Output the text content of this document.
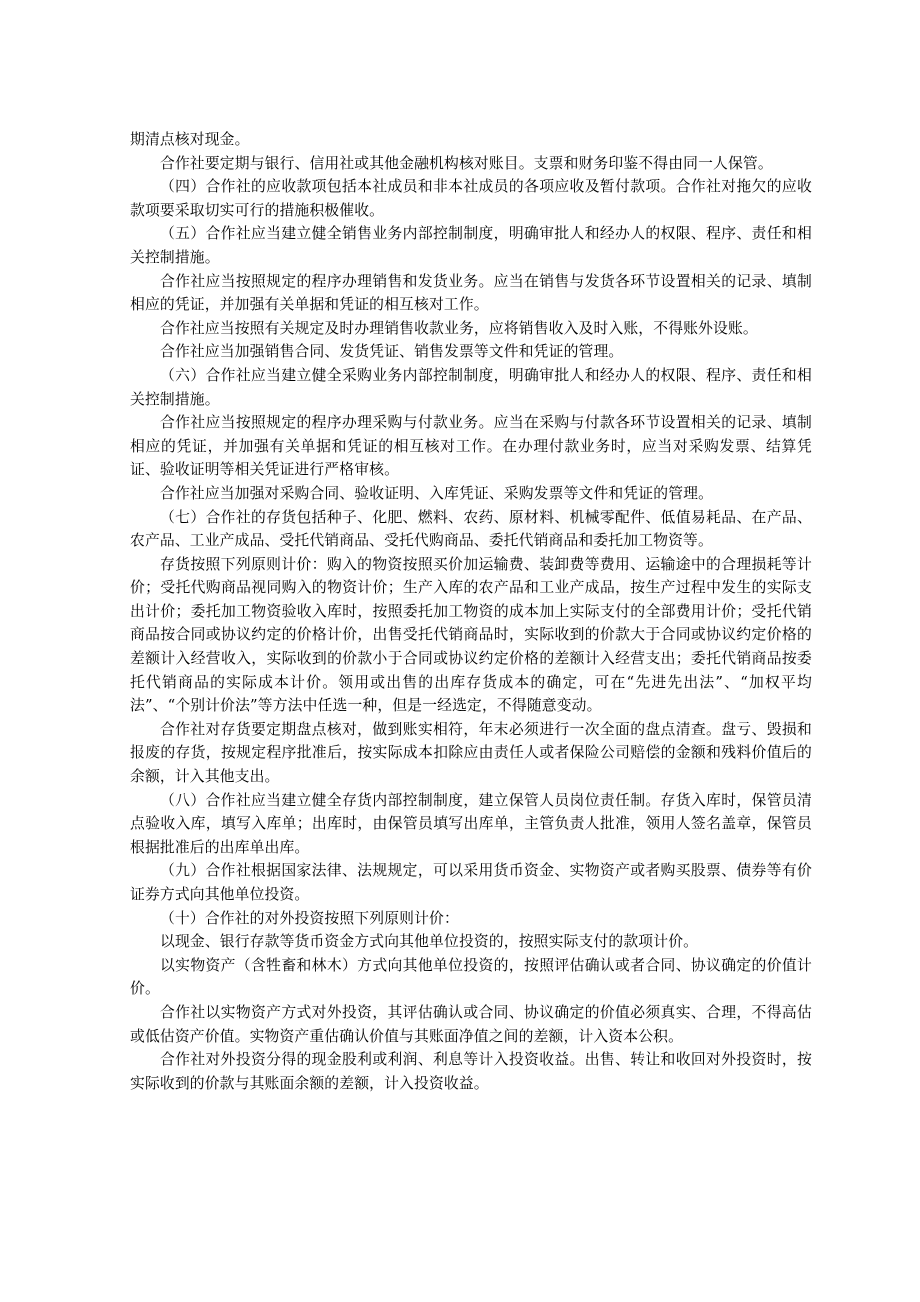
期清点核对现金。

合作社要定期与银行、信用社或其他金融机构核对账目。支票和财务印鉴不得由同一人保管。

（四）合作社的应收款项包括本社成员和非本社成员的各项应收及暂付款项。合作社对拖欠的应收款项要采取切实可行的措施积极催收。

（五）合作社应当建立健全销售业务内部控制制度，明确审批人和经办人的权限、程序、责任和相关控制措施。

合作社应当按照规定的程序办理销售和发货业务。应当在销售与发货各环节设置相关的记录、填制相应的凭证，并加强有关单据和凭证的相互核对工作。

合作社应当按照有关规定及时办理销售收款业务，应将销售收入及时入账，不得账外设账。

合作社应当加强销售合同、发货凭证、销售发票等文件和凭证的管理。

（六）合作社应当建立健全采购业务内部控制制度，明确审批人和经办人的权限、程序、责任和相关控制措施。

合作社应当按照规定的程序办理采购与付款业务。应当在采购与付款各环节设置相关的记录、填制相应的凭证，并加强有关单据和凭证的相互核对工作。在办理付款业务时，应当对采购发票、结算凭证、验收证明等相关凭证进行严格审核。

合作社应当加强对采购合同、验收证明、入库凭证、采购发票等文件和凭证的管理。

（七）合作社的存货包括种子、化肥、燃料、农药、原材料、机械零配件、低值易耗品、在产品、农产品、工业产成品、受托代销商品、受托代购商品、委托代销商品和委托加工物资等。

存货按照下列原则计价：购入的物资按照买价加运输费、装卸费等费用、运输途中的合理损耗等计价；受托代购商品视同购入的物资计价；生产入库的农产品和工业产成品，按生产过程中发生的实际支出计价；委托加工物资验收入库时，按照委托加工物资的成本加上实际支付的全部费用计价；受托代销商品按合同或协议约定的价格计价，出售受托代销商品时，实际收到的价款大于合同或协议约定价格的差额计入经营收入，实际收到的价款小于合同或协议约定价格的差额计入经营支出；委托代销商品按委托代销商品的实际成本计价。领用或出售的出库存货成本的确定，可在“先进先出法”、“加权平均法”、“个别计价法”等方法中任选一种，但是一经选定，不得随意变动。

合作社对存货要定期盘点核对，做到账实相符，年末必须进行一次全面的盘点清查。盘亏、毁损和报废的存货，按规定程序批准后，按实际成本扣除应由责任人或者保险公司赔偿的金额和残料价值后的余额，计入其他支出。

（八）合作社应当建立健全存货内部控制制度，建立保管人员岗位责任制。存货入库时，保管员清点验收入库，填写入库单；出库时，由保管员填写出库单，主管负责人批准，领用人签名盖章，保管员根据批准后的出库单出库。

（九）合作社根据国家法律、法规规定，可以采用货币资金、实物资产或者购买股票、债券等有价证券方式向其他单位投资。

（十）合作社的对外投资按照下列原则计价：

以现金、银行存款等货币资金方式向其他单位投资的，按照实际支付的款项计价。

以实物资产（含牲畜和林木）方式向其他单位投资的，按照评估确认或者合同、协议确定的价值计价。

合作社以实物资产方式对外投资，其评估确认或合同、协议确定的价值必须真实、合理，不得高估或低估资产价值。实物资产重估确认价值与其账面净值之间的差额，计入资本公积。

合作社对外投资分得的现金股利或利润、利息等计入投资收益。出售、转让和收回对外投资时，按实际收到的价款与其账面余额的差额，计入投资收益。
